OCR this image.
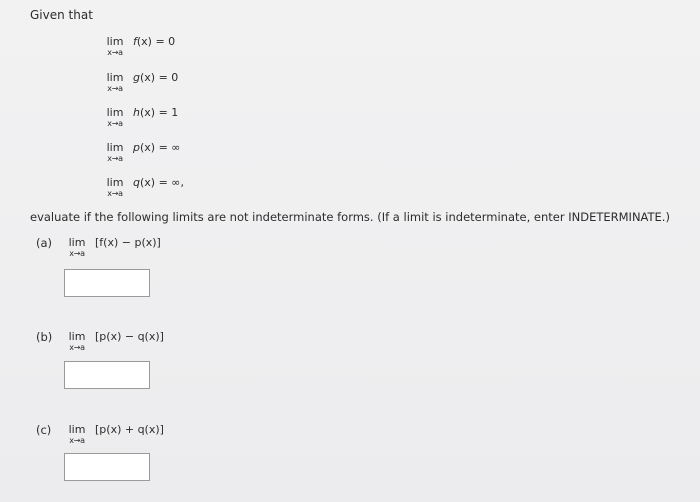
Given that
lim
x→a
f(x) = 0
lim
x→a
g(x) = 0
lim
x→a
h(x) = 1
lim
x→a
p(x) = ∞
lim
x→a
q(x) = ∞,
evaluate if the following limits are not indeterminate forms. (If a limit is indeterminate, enter INDETERMINATE.)
(a)	lim
x→a
[f(x) − p(x)]
(b)	lim
x→a
[p(x) − q(x)]
(c)	lim
x→a
[p(x) + q(x)]
